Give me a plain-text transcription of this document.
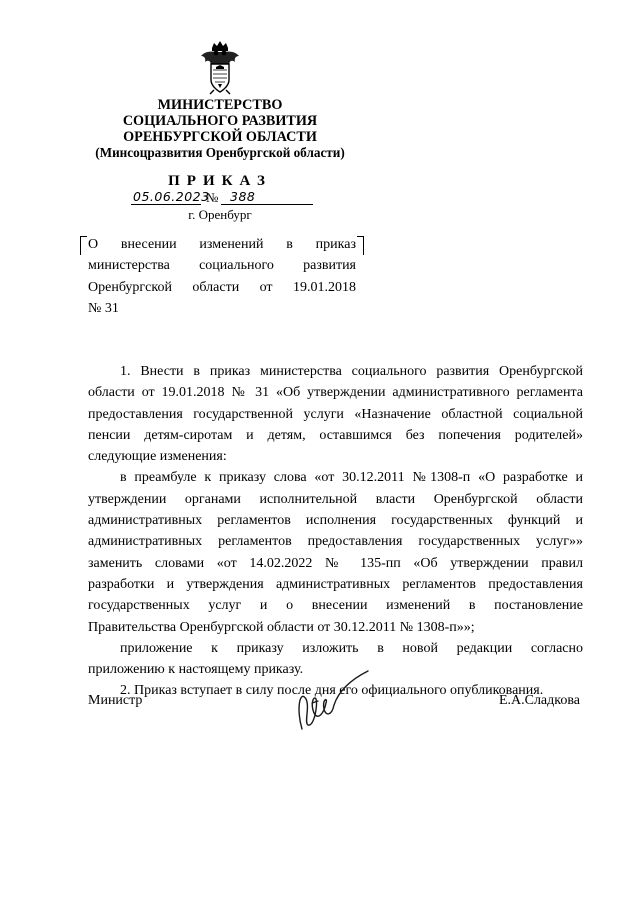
МИНИСТЕРСТВО
СОЦИАЛЬНОГО РАЗВИТИЯ
ОРЕНБУРГСКОЙ ОБЛАСТИ
(Минсоцразвития Оренбургской области)
ПРИКАЗ
05.06.2023
№ 388
г. Оренбург
О внесении изменений в приказ
министерства социального развития
Оренбургской области от 19.01.2018
№ 31

1. Внести в приказ министерства социального развития Оренбургской
области от 19.01.2018 № 31 «Об утверждении административного регламента
предоставления государственной услуги «Назначение областной социальной
пенсии детям-сиротам и детям, оставшимся без попечения родителей»
следующие изменения:

в преамбуле к приказу слова «от 30.12.2011 №1308-п «О разработке и
утверждении органами исполнительной власти Оренбургской области
административных регламентов исполнения государственных функций и
административных регламентов предоставления государственных услуг»»
заменить словами «от 14.02.2022 № 135-пп «Об утверждении правил
разработки и утверждения административных регламентов предоставления
государственных услуг и о внесении изменений в постановление
Правительства Оренбургской области от 30.12.2011 № 1308-п»»;

приложение к приказу изложить в новой редакции согласно
приложению к настоящему приказу.

2. Приказ вступает в силу после дня его официального опубликования.

Министр	Е.А.Сладкова
